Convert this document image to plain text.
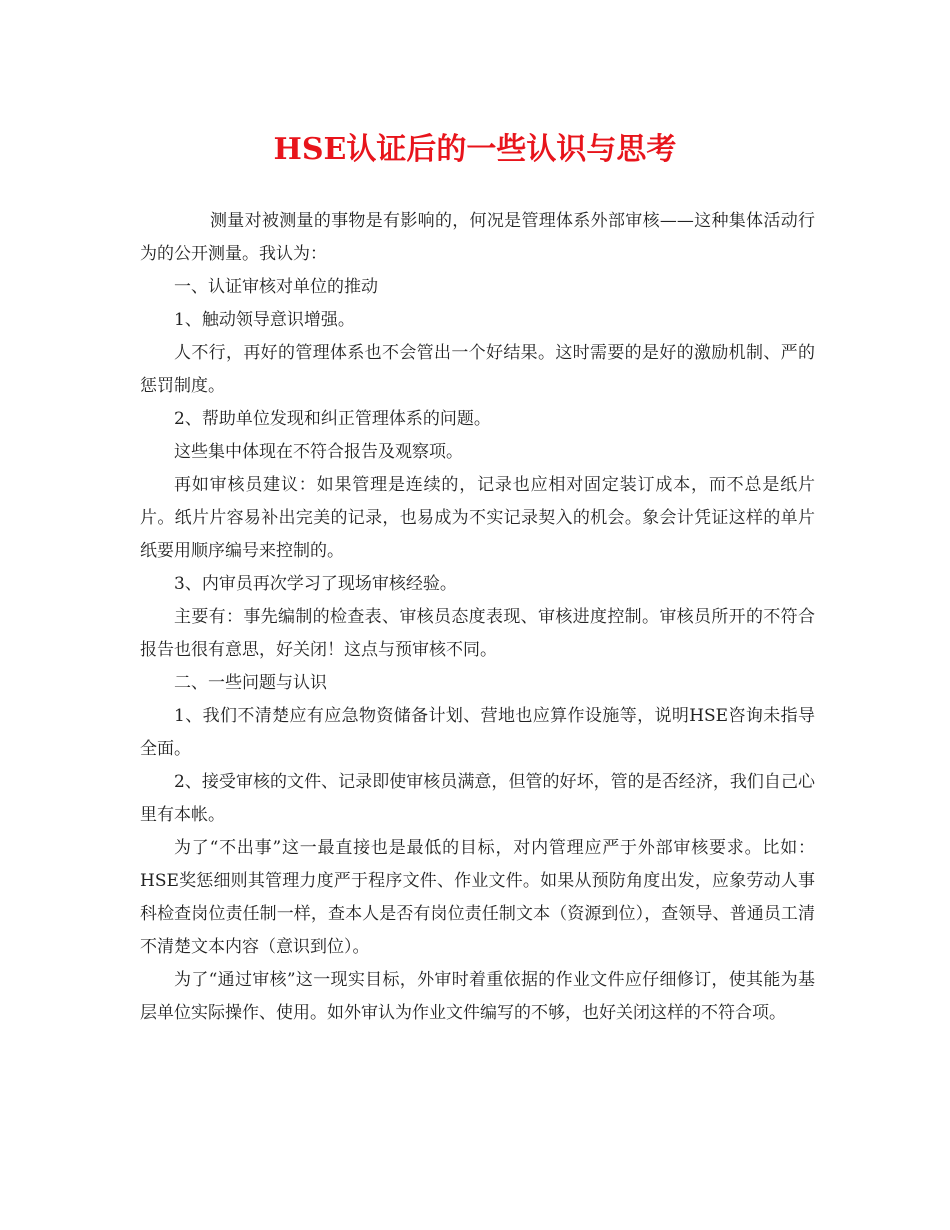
HSE认证后的一些认识与思考

测量对被测量的事物是有影响的，何况是管理体系外部审核——这种集体活动行为的公开测量。我认为：

一、认证审核对单位的推动

1、触动领导意识增强。

人不行，再好的管理体系也不会管出一个好结果。这时需要的是好的激励机制、严的惩罚制度。

2、帮助单位发现和纠正管理体系的问题。

这些集中体现在不符合报告及观察项。

再如审核员建议：如果管理是连续的，记录也应相对固定装订成本，而不总是纸片片。纸片片容易补出完美的记录，也易成为不实记录契入的机会。象会计凭证这样的单片纸要用顺序编号来控制的。

3、内审员再次学习了现场审核经验。

主要有：事先编制的检查表、审核员态度表现、审核进度控制。审核员所开的不符合报告也很有意思，好关闭！这点与预审核不同。

二、一些问题与认识

1、我们不清楚应有应急物资储备计划、营地也应算作设施等，说明HSE咨询未指导全面。

2、接受审核的文件、记录即使审核员满意，但管的好坏，管的是否经济，我们自己心里有本帐。

为了“不出事”这一最直接也是最低的目标，对内管理应严于外部审核要求。比如：HSE奖惩细则其管理力度严于程序文件、作业文件。如果从预防角度出发，应象劳动人事科检查岗位责任制一样，查本人是否有岗位责任制文本（资源到位），查领导、普通员工清不清楚文本内容（意识到位）。

为了“通过审核”这一现实目标，外审时着重依据的作业文件应仔细修订，使其能为基层单位实际操作、使用。如外审认为作业文件编写的不够，也好关闭这样的不符合项。
